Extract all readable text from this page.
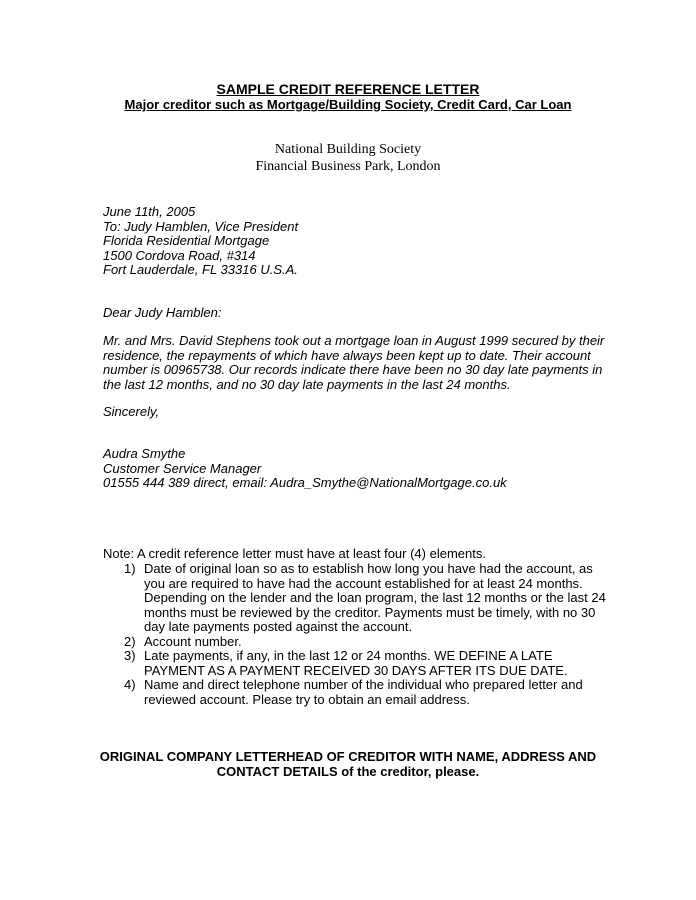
SAMPLE CREDIT REFERENCE LETTER
Major creditor such as Mortgage/Building Society, Credit Card, Car Loan
National Building Society
Financial Business Park, London
June 11th, 2005
To: Judy Hamblen, Vice President
Florida Residential Mortgage
1500 Cordova Road, #314
Fort Lauderdale, FL 33316 U.S.A.
Dear Judy Hamblen:
Mr. and Mrs. David Stephens took out a mortgage loan in August 1999 secured by their
residence, the repayments of which have always been kept up to date. Their account
number is 00965738. Our records indicate there have been no 30 day late payments in
the last 12 months, and no 30 day late payments in the last 24 months.
Sincerely,
Audra Smythe
Customer Service Manager
01555 444 389 direct, email: Audra_Smythe@NationalMortgage.co.uk
Note: A credit reference letter must have at least four (4) elements.
1) Date of original loan so as to establish how long you have had the account, as
you are required to have had the account established for at least 24 months.
Depending on the lender and the loan program, the last 12 months or the last 24
months must be reviewed by the creditor. Payments must be timely, with no 30
day late payments posted against the account.
2) Account number.
3) Late payments, if any, in the last 12 or 24 months. WE DEFINE A LATE
PAYMENT AS A PAYMENT RECEIVED 30 DAYS AFTER ITS DUE DATE.
4) Name and direct telephone number of the individual who prepared letter and
reviewed account. Please try to obtain an email address.
ORIGINAL COMPANY LETTERHEAD OF CREDITOR WITH NAME, ADDRESS AND
CONTACT DETAILS of the creditor, please.
